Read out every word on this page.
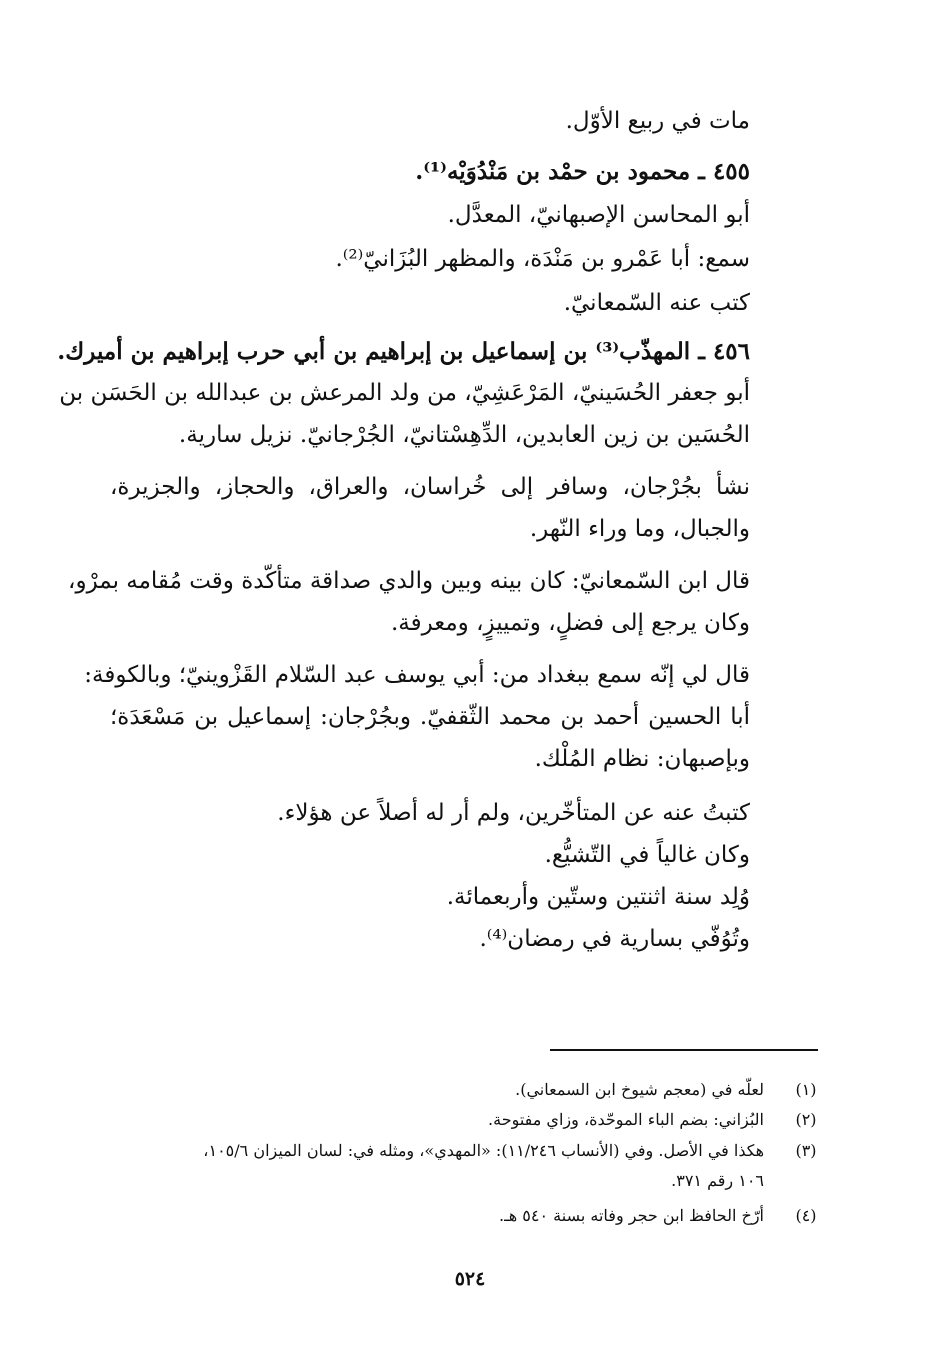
مات في ربيع الأوّل.
٤٥٥ ـ محمود بن حمْد بن مَنْدُوَيْه⁽¹⁾.
أبو المحاسن الإصبهانيّ، المعدَّل.
سمع: أبا عَمْرو بن مَنْدَة، والمظهر البُزَانيّ⁽²⁾.
كتب عنه السّمعانيّ.
٤٥٦ ـ المهذّب⁽³⁾ بن إسماعيل بن إبراهيم بن أبي حرب إبراهيم بن أميرك.
أبو جعفر الحُسَينيّ، المَرْعَشِيّ، من ولد المرعش بن عبدالله بن الحَسَن بن
الحُسَين بن زين العابدين، الدِّهِسْتانيّ، الجُرْجانيّ. نزيل سارية.
نشأ بجُرْجان، وسافر إلى خُراسان، والعراق، والحجاز، والجزيرة،
والجبال، وما وراء النّهر.
قال ابن السّمعانيّ: كان بينه وبين والدي صداقة متأكّدة وقت مُقامه بمرْو،
وكان يرجع إلى فضلٍ، وتمييزٍ، ومعرفة.
قال لي إنّه سمع ببغداد من: أبي يوسف عبد السّلام القَزْوينيّ؛ وبالكوفة:
أبا الحسين أحمد بن محمد الثّقفيّ. وبجُرْجان: إسماعيل بن مَسْعَدَة؛
وبإصبهان: نظام المُلْك.
كتبتُ عنه عن المتأخّرين، ولم أر له أصلاً عن هؤلاء.
وكان غالياً في التّشيُّع.
وُلِد سنة اثنتين وستّين وأربعمائة.
وتُوُفّي بسارية في رمضان⁽⁴⁾.
(١)
لعلّه في (معجم شيوخ ابن السمعاني).
(٢)
البُزاني: بضم الباء الموحّدة، وزاي مفتوحة.
(٣)
هكذا في الأصل. وفي (الأنساب ١١/٢٤٦): «المهدي»، ومثله في: لسان الميزان ١٠٥/٦،
١٠٦ رقم ٣٧١.
(٤)
أرّخ الحافظ ابن حجر وفاته بسنة ٥٤٠ هـ.
٥٢٤
